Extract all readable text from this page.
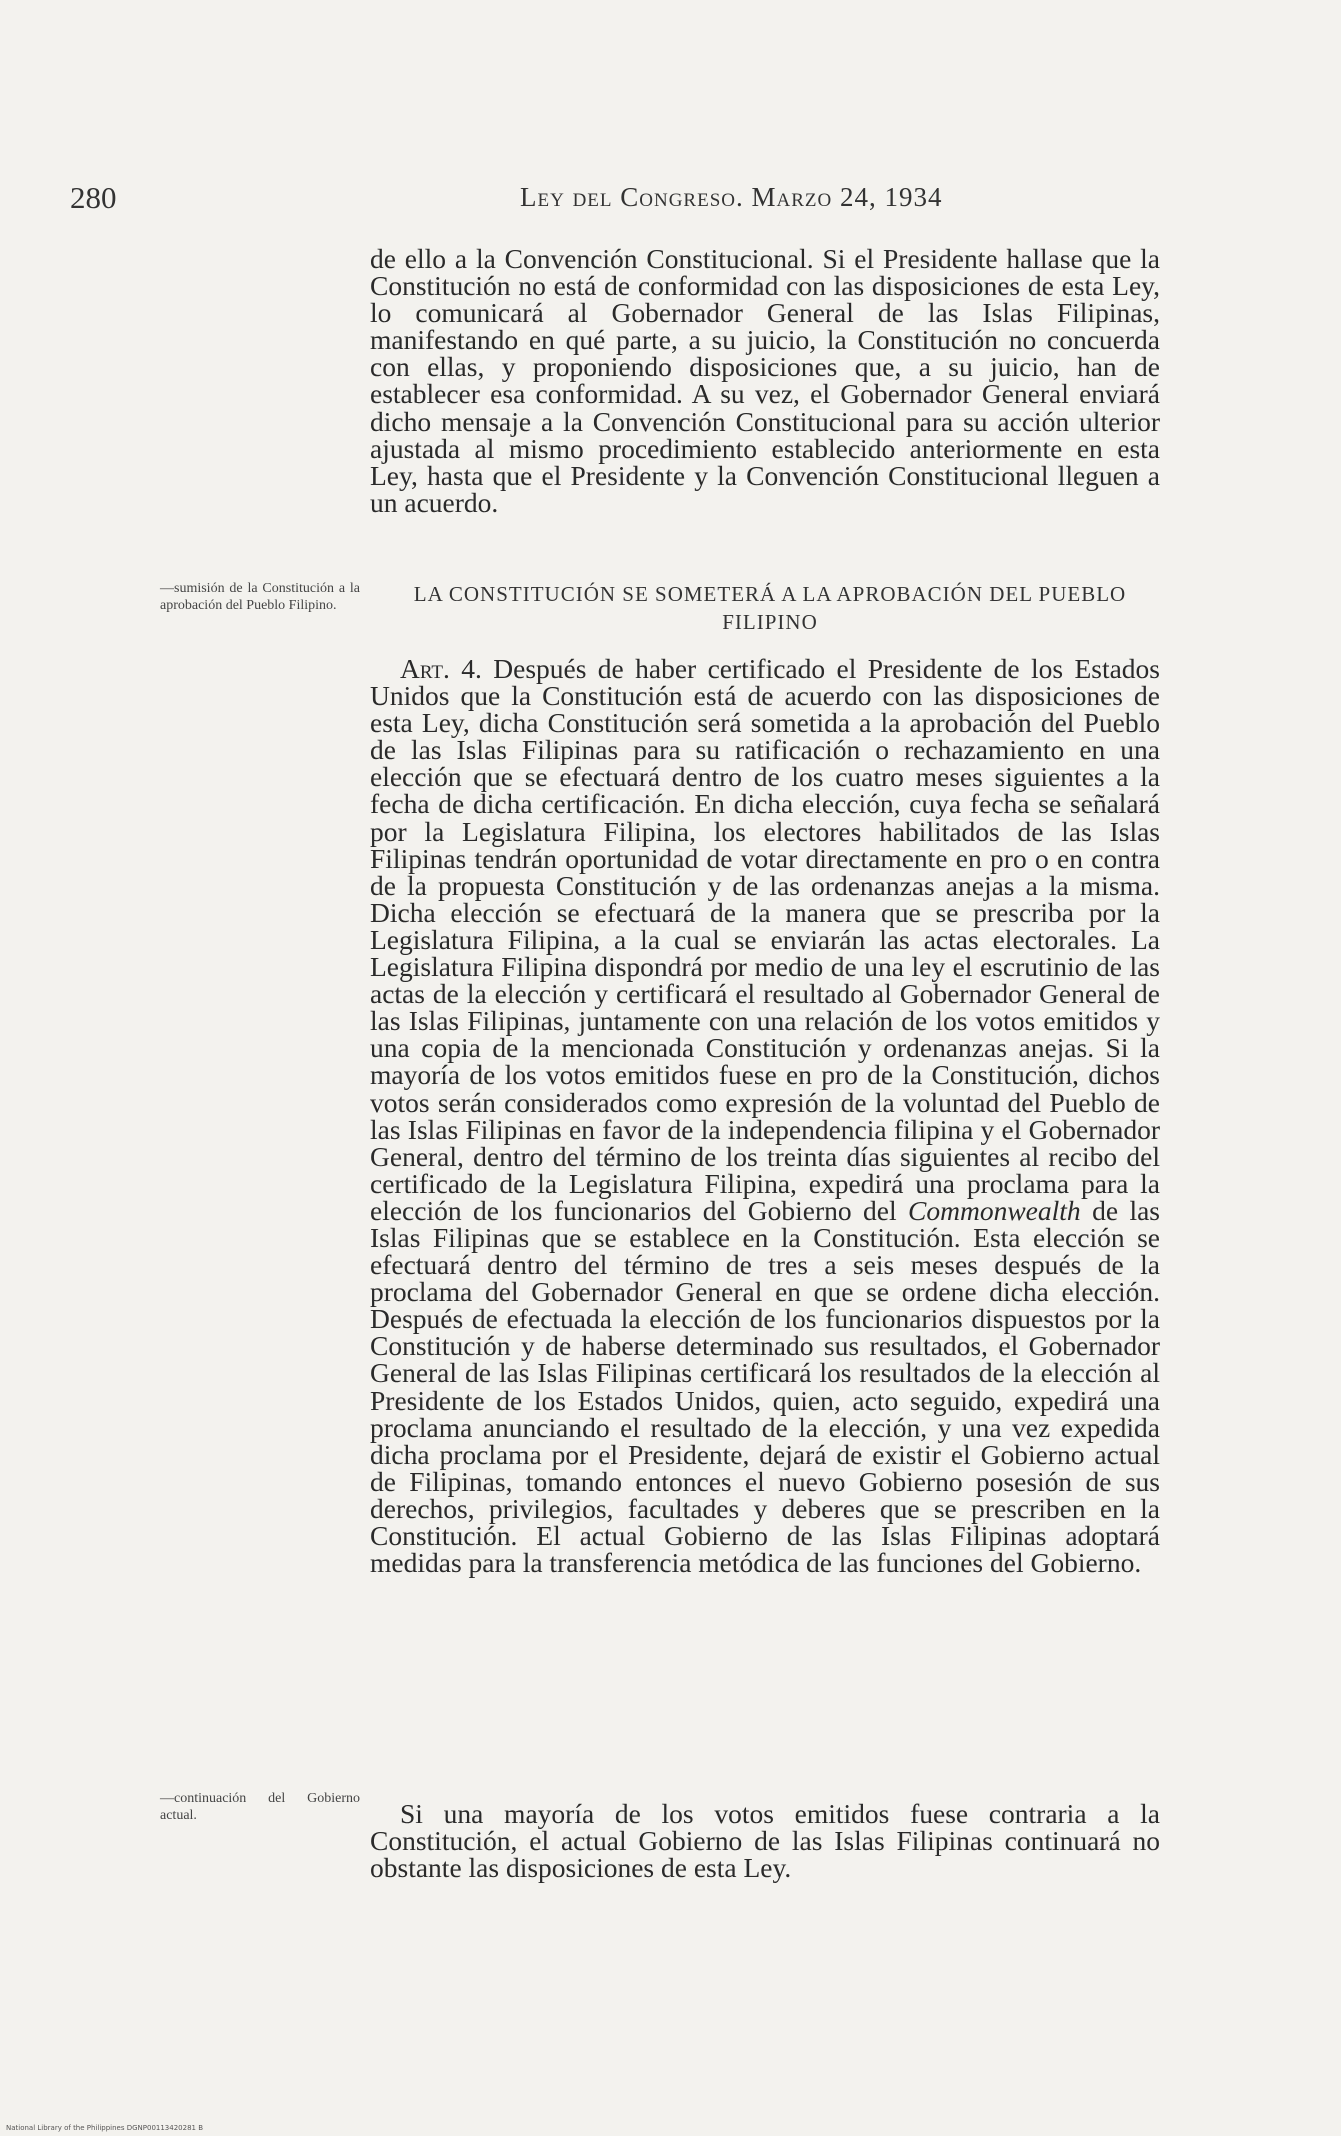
280	Ley del Congreso. Marzo 24, 1934

de ello a la Convención Constitucional. Si el Presidente hallase que la Constitución no está de conformidad con las disposiciones de esta Ley, lo comunicará al Gobernador General de las Islas Filipinas, manifestando en qué parte, a su juicio, la Constitución no concuerda con ellas, y proponiendo disposiciones que, a su juicio, han de establecer esa conformidad. A su vez, el Gobernador General enviará dicho mensaje a la Convención Constitucional para su acción ulterior ajustada al mismo procedimiento establecido anteriormente en esta Ley, hasta que el Presidente y la Convención Constitucional lleguen a un acuerdo.

—sumisión de la Constitución a la aprobación del Pueblo Filipino.	LA CONSTITUCIÓN SE SOMETERÁ A LA APROBACIÓN DEL PUEBLO FILIPINO

Art. 4. Después de haber certificado el Presidente de los Estados Unidos que la Constitución está de acuerdo con las disposiciones de esta Ley, dicha Constitución será sometida a la aprobación del Pueblo de las Islas Filipinas para su ratificación o rechazamiento en una elección que se efectuará dentro de los cuatro meses siguientes a la fecha de dicha certificación. En dicha elección, cuya fecha se señalará por la Legislatura Filipina, los electores habilitados de las Islas Filipinas tendrán oportunidad de votar directamente en pro o en contra de la propuesta Constitución y de las ordenanzas anejas a la misma. Dicha elección se efectuará de la manera que se prescriba por la Legislatura Filipina, a la cual se enviarán las actas electorales. La Legislatura Filipina dispondrá por medio de una ley el escrutinio de las actas de la elección y certificará el resultado al Gobernador General de las Islas Filipinas, juntamente con una relación de los votos emitidos y una copia de la mencionada Constitución y ordenanzas anejas. Si la mayoría de los votos emitidos fuese en pro de la Constitución, dichos votos serán considerados como expresión de la voluntad del Pueblo de las Islas Filipinas en favor de la independencia filipina y el Gobernador General, dentro del término de los treinta días siguientes al recibo del certificado de la Legislatura Filipina, expedirá una proclama para la elección de los funcionarios del Gobierno del Commonwealth de las Islas Filipinas que se establece en la Constitución. Esta elección se efectuará dentro del término de tres a seis meses después de la proclama del Gobernador General en que se ordene dicha elección. Después de efectuada la elección de los funcionarios dispuestos por la Constitución y de haberse determinado sus resultados, el Gobernador General de las Islas Filipinas certificará los resultados de la elección al Presidente de los Estados Unidos, quien, acto seguido, expedirá una proclama anunciando el resultado de la elección, y una vez expedida dicha proclama por el Presidente, dejará de existir el Gobierno actual de Filipinas, tomando entonces el nuevo Gobierno posesión de sus derechos, privilegios, facultades y deberes que se prescriben en la Constitución. El actual Gobierno de las Islas Filipinas adoptará medidas para la transferencia metódica de las funciones del Gobierno.

—continuación del Gobierno actual.	Si una mayoría de los votos emitidos fuese contraria a la Constitución, el actual Gobierno de las Islas Filipinas continuará no obstante las disposiciones de esta Ley.

National Library of the Philippines DGNP00113420281 B
